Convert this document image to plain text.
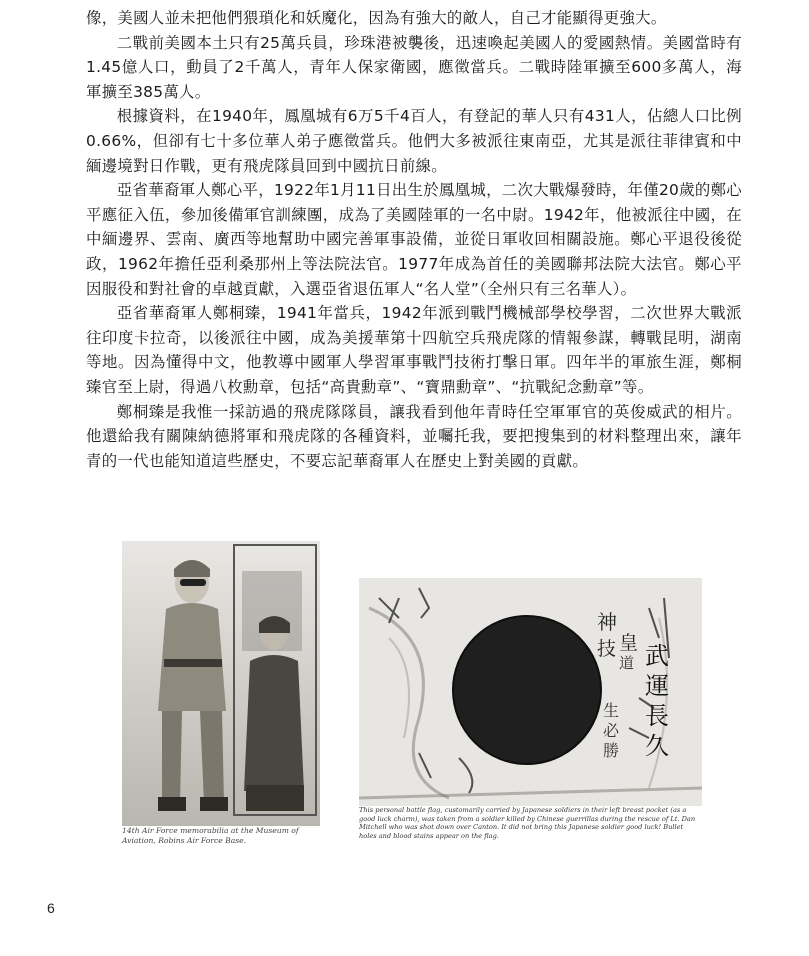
像，美國人並未把他們猥瑣化和妖魔化，因為有強大的敵人，自己才能顯得更強大。

二戰前美國本土只有25萬兵員，珍珠港被襲後，迅速喚起美國人的愛國熱情。美國當時有1.45億人口，動員了2千萬人，青年人保家衛國，應徵當兵。二戰時陸軍擴至600多萬人，海軍擴至385萬人。

根據資料，在1940年，鳳凰城有6万5千4百人，有登記的華人只有431人，佔總人口比例0.66%，但卻有七十多位華人弟子應徵當兵。他們大多被派往東南亞，尤其是派往菲律賓和中緬邊境對日作戰，更有飛虎隊員回到中國抗日前線。

亞省華裔軍人鄭心平，1922年1月11日出生於鳳凰城，二次大戰爆發時，年僅20歲的鄭心平應征入伍，參加後備軍官訓練團，成為了美國陸軍的一名中尉。1942年，他被派往中國，在中緬邊界、雲南、廣西等地幫助中國完善軍事設備，並從日軍收回相關設施。鄭心平退役後從政，1962年擔任亞利桑那州上等法院法官。1977年成為首任的美國聯邦法院大法官。鄭心平因服役和對社會的卓越貢獻，入選亞省退伍軍人“名人堂”（全州只有三名華人）。

亞省華裔軍人鄭桐臻，1941年當兵，1942年派到戰鬥機械部學校學習，二次世界大戰派往印度卡拉奇，以後派往中國，成為美援華第十四航空兵飛虎隊的情報參謀，轉戰昆明，湖南等地。因為懂得中文，他教導中國軍人學習軍事戰鬥技術打擊日軍。四年半的軍旅生涯，鄭桐臻官至上尉，得過八枚勳章，包括“高貴勳章”、“寶鼎勳章”、“抗戰紀念勳章”等。

鄭桐臻是我惟一採訪過的飛虎隊隊員，讓我看到他年青時任空軍軍官的英俊威武的相片。他還給我有關陳納德將軍和飛虎隊的各種資料，並囑托我，要把搜集到的材料整理出來，讓年青的一代也能知道這些歷史，不要忘記華裔軍人在歷史上對美國的貢獻。

14th Air Force memorabilia at the Museum of Aviation, Robins Air Force Base.
神
皇
技
道 武
運
長
久
生
必
勝
This personal battle flag, customarily carried by Japanese soldiers in their left breast pocket (as a good luck charm), was taken from a soldier killed by Chinese guerrillas during the rescue of Lt. Dan Mitchell who was shot down over Canton. It did not bring this Japanese soldier good luck! Bullet holes and blood stains appear on the flag.
6
